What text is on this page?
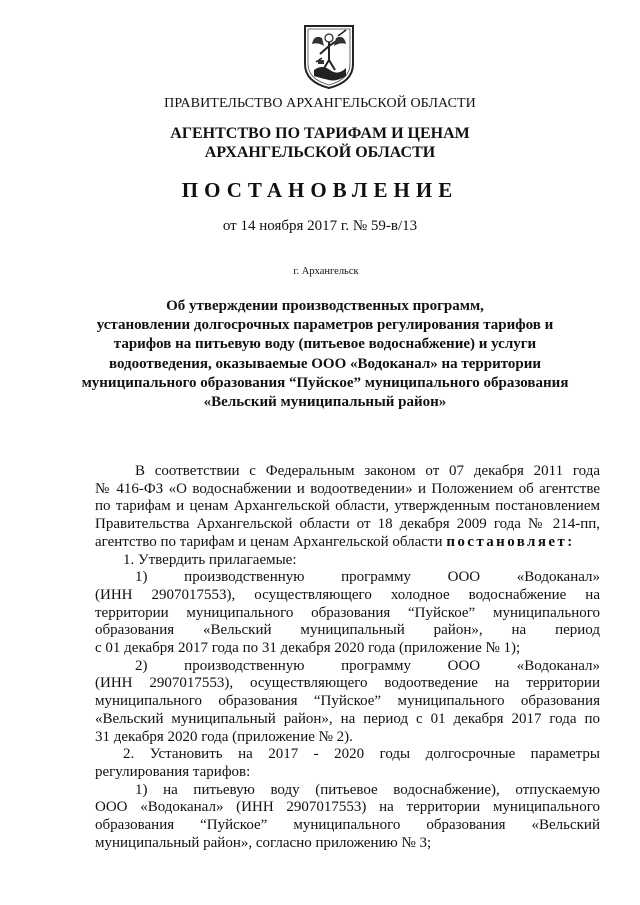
ПРАВИТЕЛЬСТВО АРХАНГЕЛЬСКОЙ ОБЛАСТИ
АГЕНТСТВО ПО ТАРИФАМ И ЦЕНАМ
АРХАНГЕЛЬСКОЙ ОБЛАСТИ
ПОСТАНОВЛЕНИЕ
от 14 ноября 2017 г. № 59-в/13
г. Архангельск
Об утверждении производственных программ,
установлении долгосрочных параметров регулирования тарифов и
тарифов на питьевую воду (питьевое водоснабжение) и услуги
водоотведения, оказываемые ООО «Водоканал» на территории
муниципального образования “Пуйское” муниципального образования
«Вельский муниципальный район»
В соответствии с Федеральным законом от 07 декабря 2011 года
№ 416-ФЗ «О водоснабжении и водоотведении» и Положением об агентстве
по тарифам и ценам Архангельской области, утвержденным постановлением
Правительства Архангельской области от 18 декабря 2009 года № 214-пп,
агентство по тарифам и ценам Архангельской области постановляет:
1. Утвердить прилагаемые:
1) производственную программу ООО «Водоканал»
(ИНН 2907017553), осуществляющего холодное водоснабжение на
территории муниципального образования “Пуйское” муниципального
образования «Вельский муниципальный район», на период
с 01 декабря 2017 года по 31 декабря 2020 года (приложение № 1);
2) производственную программу ООО «Водоканал»
(ИНН 2907017553), осуществляющего водоотведение на территории
муниципального образования “Пуйское” муниципального образования
«Вельский муниципальный район», на период с 01 декабря 2017 года по
31 декабря 2020 года (приложение № 2).
2. Установить на 2017 - 2020 годы долгосрочные параметры
регулирования тарифов:
1) на питьевую воду (питьевое водоснабжение), отпускаемую
ООО «Водоканал» (ИНН 2907017553) на территории муниципального
образования “Пуйское” муниципального образования «Вельский
муниципальный район», согласно приложению № 3;
